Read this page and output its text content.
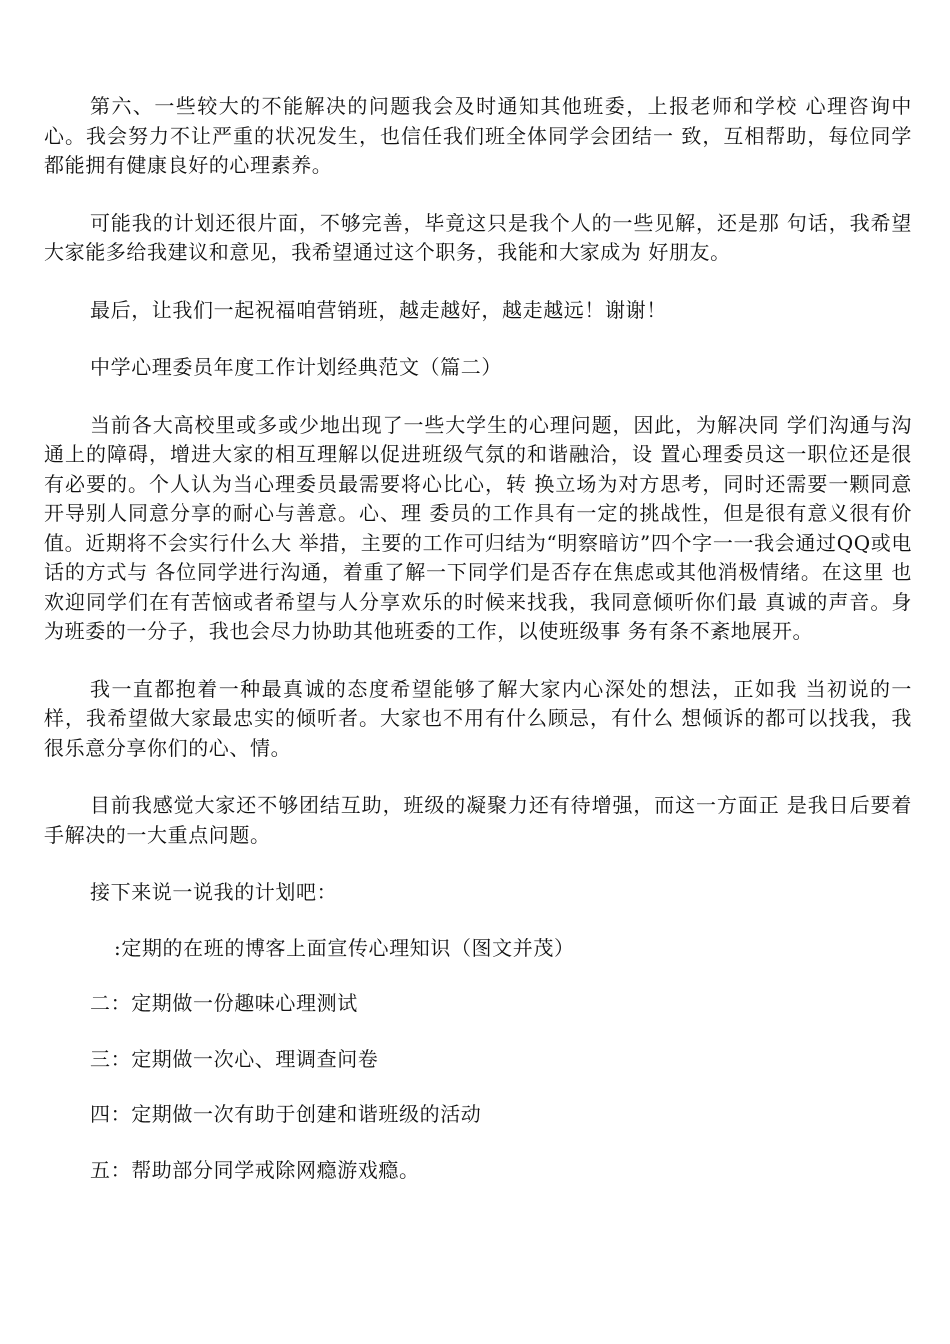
第六、一些较大的不能解决的问题我会及时通知其他班委，上报老师和学校 心理咨询中心。我会努力不让严重的状况发生，也信任我们班全体同学会团结一 致，互相帮助，每位同学都能拥有健康良好的心理素养。

可能我的计划还很片面，不够完善，毕竟这只是我个人的一些见解，还是那 句话，我希望大家能多给我建议和意见，我希望通过这个职务，我能和大家成为 好朋友。

最后，让我们一起祝福咱营销班，越走越好，越走越远！谢谢！

中学心理委员年度工作计划经典范文（篇二）

当前各大高校里或多或少地出现了一些大学生的心理问题，因此，为解决同 学们沟通与沟通上的障碍，增进大家的相互理解以促进班级气氛的和谐融洽，设 置心理委员这一职位还是很有必要的。个人认为当心理委员最需要将心比心，转 换立场为对方思考，同时还需要一颗同意开导别人同意分享的耐心与善意。心、理 委员的工作具有一定的挑战性，但是很有意义很有价值。近期将不会实行什么大 举措，主要的工作可归结为“明察暗访”四个字一一我会通过QQ或电话的方式与 各位同学进行沟通，着重了解一下同学们是否存在焦虑或其他消极情绪。在这里 也欢迎同学们在有苦恼或者希望与人分享欢乐的时候来找我，我同意倾听你们最 真诚的声音。身为班委的一分子，我也会尽力协助其他班委的工作，以使班级事 务有条不紊地展开。

我一直都抱着一种最真诚的态度希望能够了解大家内心深处的想法，正如我 当初说的一样，我希望做大家最忠实的倾听者。大家也不用有什么顾忌，有什么 想倾诉的都可以找我，我很乐意分享你们的心、情。

目前我感觉大家还不够团结互助，班级的凝聚力还有待增强，而这一方面正 是我日后要着手解决的一大重点问题。

接下来说一说我的计划吧：

:定期的在班的博客上面宣传心理知识（图文并茂）

二：定期做一份趣味心理测试

三：定期做一次心、理调查问卷

四：定期做一次有助于创建和谐班级的活动

五：帮助部分同学戒除网瘾游戏瘾。
